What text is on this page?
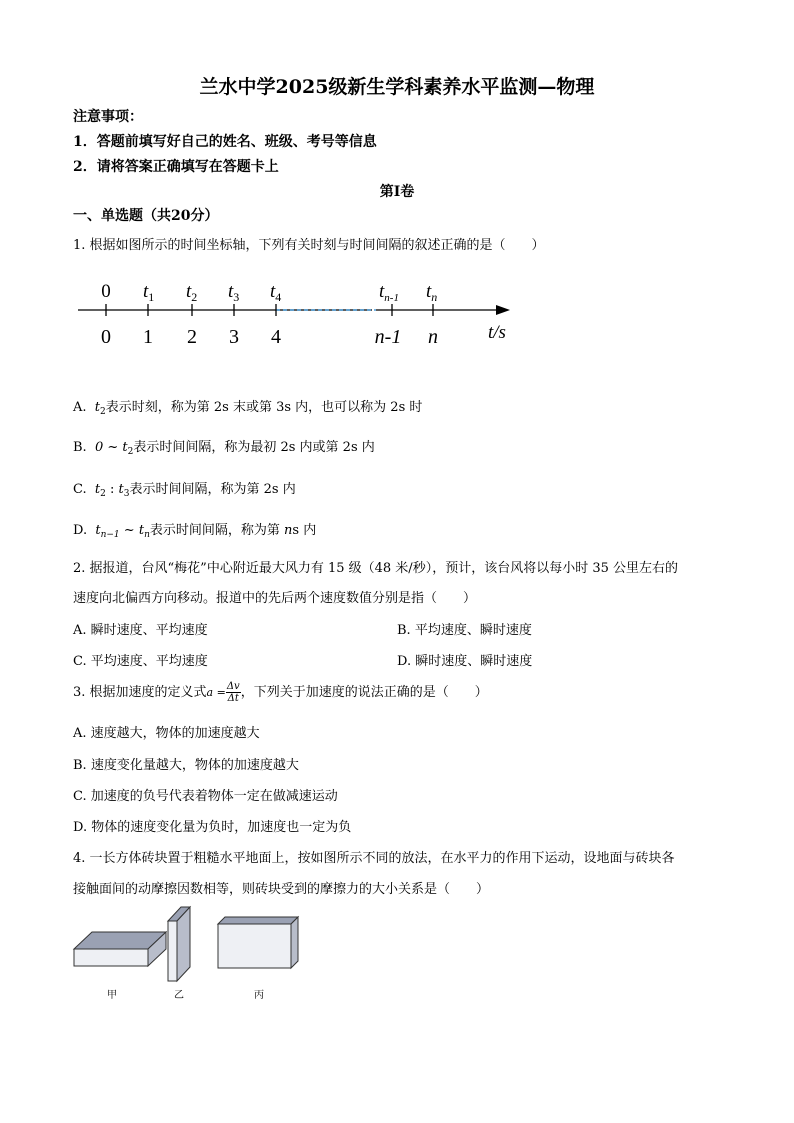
兰水中学2025级新生学科素养水平监测—物理
注意事项：
1．答题前填写好自己的姓名、班级、考号等信息
2．请将答案正确填写在答题卡上
第Ⅰ卷
一、单选题（共20分）
1. 根据如图所示的时间坐标轴，下列有关时刻与时间间隔的叙述正确的是（　　）
0 $t_1$ $t_2$ $t_3$ $t_4$	$t_{n-1}$ $t_n$
0 1 2 3 4	n-1 n	t/s
A. $t_2$表示时刻，称为第 2s 末或第 3s 内，也可以称为 2s 时
B. 0 ~ $t_2$表示时间间隔，称为最初 2s 内或第 2s 内
C. $t_2$ : $t_3$表示时间间隔，称为第 2s 内
D. $t_{n-1}$ ~ $t_n$表示时间间隔，称为第 ns 内
2. 据报道，台风“梅花”中心附近最大风力有 15 级（48 米/秒），预计，该台风将以每小时 35 公里左右的
速度向北偏西方向移动。报道中的先后两个速度数值分别是指（　　）
A. 瞬时速度、平均速度	B. 平均速度、瞬时速度
C. 平均速度、平均速度	D. 瞬时速度、瞬时速度
3. 根据加速度的定义式$a = \frac{\Delta v}{\Delta t}$ ，下列关于加速度的说法正确的是（　　）
A. 速度越大，物体的加速度越大
B. 速度变化量越大，物体的加速度越大
C. 加速度的负号代表着物体一定在做减速运动
D. 物体的速度变化量为负时，加速度也一定为负
4. 一长方体砖块置于粗糙水平地面上，按如图所示不同的放法，在水平力的作用下运动，设地面与砖块各
接触面间的动摩擦因数相等，则砖块受到的摩擦力的大小关系是（　　）
甲	乙	丙
